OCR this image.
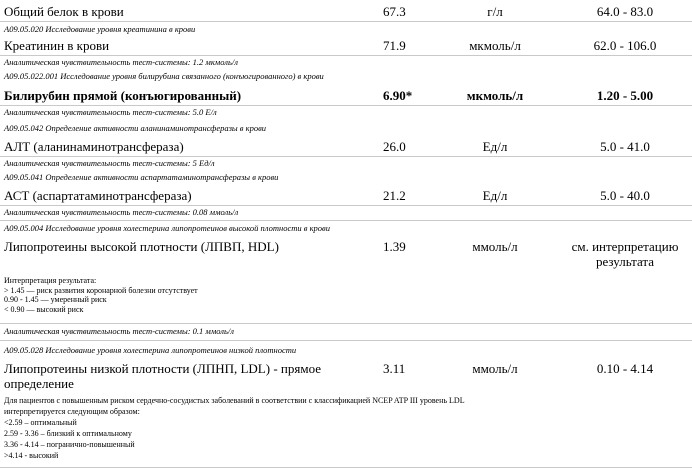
Общий белок в крови	67.3	г/л	64.0 - 83.0
А09.05.020 Исследование уровня креатинина в крови
Креатинин в крови	71.9	мкмоль/л	62.0 - 106.0
Аналитическая чувствительность тест-системы: 1.2 мкмоль/л
А09.05.022.001 Исследование уровня билирубина связанного (конъюгированного) в крови
Билирубин прямой (конъюгированный)	6.90*	мкмоль/л	1.20 - 5.00
Аналитическая чувствительность тест-системы: 5.0 Е/л
А09.05.042 Определение активности аланинаминотрансферазы в крови
АЛТ (аланинаминотрансфераза)	26.0	Ед/л	5.0 - 41.0
Аналитическая чувствительность тест-системы: 5 Ед/л
А09.05.041 Определение активности аспартатаминотрансферазы в крови
АСТ (аспартатаминотрансфераза)	21.2	Ед/л	5.0 - 40.0
Аналитическая чувствительность тест-системы: 0.08 ммоль/л
А09.05.004 Исследование уровня холестерина липопротеинов высокой плотности в крови
Липопротеины высокой плотности (ЛПВП, HDL)	1.39	ммоль/л	см. интерпретацию результата
Интерпретация результата:
> 1.45 — риск развития коронарной болезни отсутствует
0.90 - 1.45 — умеренный риск
< 0.90 — высокий риск
Аналитическая чувствительность тест-системы: 0.1 ммоль/л
А09.05.028 Исследование уровня холестерина липопротеинов низкой плотности
Липопротеины низкой плотности (ЛПНП, LDL) - прямое определение
3.11	ммоль/л	0.10 - 4.14
Для пациентов с повышенным риском сердечно-сосудистых заболеваний в соответствии с классификацией NCEP ATP III уровень LDL
интерпретируется следующим образом:
<2.59 – оптимальный
2.59 - 3.36 – близкий к оптимальному
3.36 - 4.14 – погранично-повышенный
>4.14 - высокий
